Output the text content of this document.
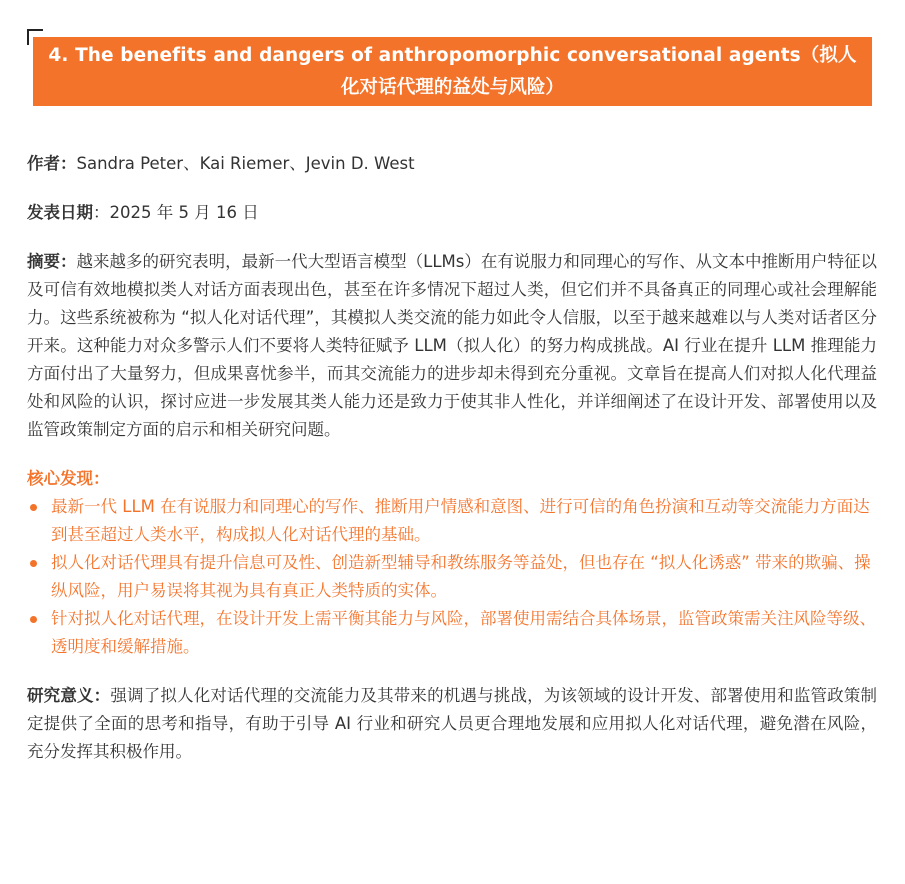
4. The benefits and dangers of anthropomorphic conversational agents（拟人化对话代理的益处与风险）

作者：Sandra Peter、Kai Riemer、Jevin D. West

发表日期：2025 年 5 月 16 日

摘要：越来越多的研究表明，最新一代大型语言模型（LLMs）在有说服力和同理心的写作、从文本中推断用户特征以及可信有效地模拟类人对话方面表现出色，甚至在许多情况下超过人类，但它们并不具备真正的同理心或社会理解能力。这些系统被称为 “拟人化对话代理”，其模拟人类交流的能力如此令人信服，以至于越来越难以与人类对话者区分开来。这种能力对众多警示人们不要将人类特征赋予 LLM（拟人化）的努力构成挑战。AI 行业在提升 LLM 推理能力方面付出了大量努力，但成果喜忧参半，而其交流能力的进步却未得到充分重视。文章旨在提高人们对拟人化代理益处和风险的认识，探讨应进一步发展其类人能力还是致力于使其非人性化，并详细阐述了在设计开发、部署使用以及监管政策制定方面的启示和相关研究问题。

核心发现：

最新一代 LLM 在有说服力和同理心的写作、推断用户情感和意图、进行可信的角色扮演和互动等交流能力方面达到甚至超过人类水平，构成拟人化对话代理的基础。
拟人化对话代理具有提升信息可及性、创造新型辅导和教练服务等益处，但也存在 “拟人化诱惑” 带来的欺骗、操纵风险，用户易误将其视为具有真正人类特质的实体。
针对拟人化对话代理，在设计开发上需平衡其能力与风险，部署使用需结合具体场景，监管政策需关注风险等级、透明度和缓解措施。

研究意义：强调了拟人化对话代理的交流能力及其带来的机遇与挑战，为该领域的设计开发、部署使用和监管政策制定提供了全面的思考和指导，有助于引导 AI 行业和研究人员更合理地发展和应用拟人化对话代理，避免潜在风险，充分发挥其积极作用。
